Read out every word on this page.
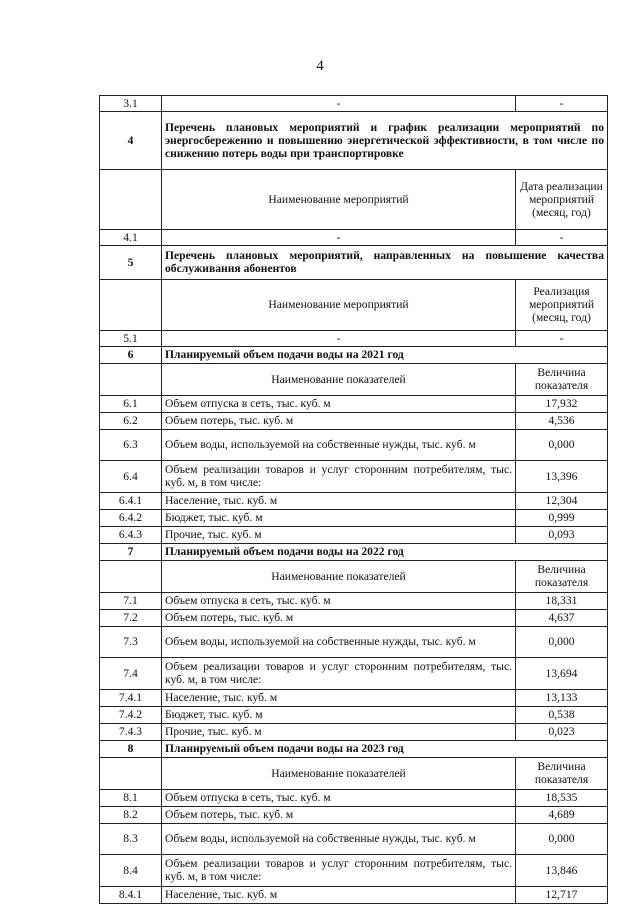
4
3.1	-	-
4	Перечень плановых мероприятий и график реализации мероприятий по энергосбережению и повышению энергетической эффективности, в том числе по снижению потерь воды при транспортировке	
	Наименование мероприятий	Дата реализации мероприятий (месяц, год)
4.1	-	-
5	Перечень плановых мероприятий, направленных на повышение качества обслуживания абонентов	
	Наименование мероприятий	Реализация мероприятий (месяц, год)
5.1	-	-
6	Планируемый объем подачи воды на 2021 год	
	Наименование показателей	Величина показателя
6.1	Объем отпуска в сеть, тыс. куб. м	17,932
6.2	Объем потерь, тыс. куб. м	4,536
6.3	Объем воды, используемой на собственные нужды, тыс. куб. м	0,000
6.4	Объем реализации товаров и услуг сторонним потребителям, тыс. куб. м, в том числе:	13,396
6.4.1	Население, тыс. куб. м	12,304
6.4.2	Бюджет, тыс. куб. м	0,999
6.4.3	Прочие, тыс. куб. м	0,093
7	Планируемый объем подачи воды на 2022 год	
	Наименование показателей	Величина показателя
7.1	Объем отпуска в сеть, тыс. куб. м	18,331
7.2	Объем потерь, тыс. куб. м	4,637
7.3	Объем воды, используемой на собственные нужды, тыс. куб. м	0,000
7.4	Объем реализации товаров и услуг сторонним потребителям, тыс. куб. м, в том числе:	13,694
7.4.1	Население, тыс. куб. м	13,133
7.4.2	Бюджет, тыс. куб. м	0,538
7.4.3	Прочие, тыс. куб. м	0,023
8	Планируемый объем подачи воды на 2023 год	
	Наименование показателей	Величина показателя
8.1	Объем отпуска в сеть, тыс. куб. м	18,535
8.2	Объем потерь, тыс. куб. м	4,689
8.3	Объем воды, используемой на собственные нужды, тыс. куб. м	0,000
8.4	Объем реализации товаров и услуг сторонним потребителям, тыс. куб. м, в том числе:	13,846
8.4.1	Население, тыс. куб. м	12,717
